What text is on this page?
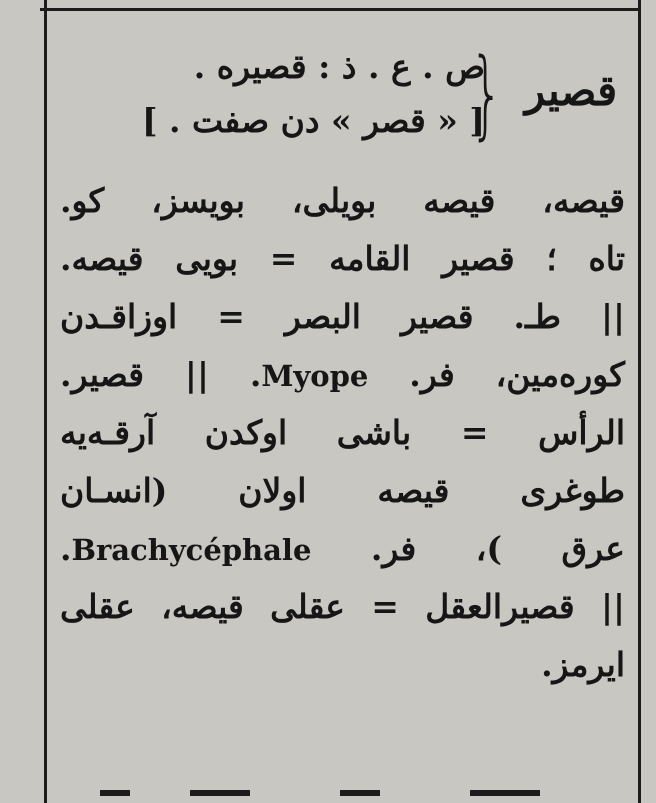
قصير
{
ص . ع . ذ : قصيره .
[ « قصر » دن صفت . ]
قيصه، قيصه بويلى، بويسز، كو.
تاه ؛ قصير القامه = بويى قيصه.
|| طـ. قصير البصر = اوزاقـدن
كورەمين، فر. Myope. || قصير.
الرأس = باشى اوكدن آرقـه‌يه
طوغرى قيصه اولان (انسـان
عرق )، فر. Brachycéphale.
|| قصيرالعقل = عقلى قيصه، عقلى
ايرمز.
